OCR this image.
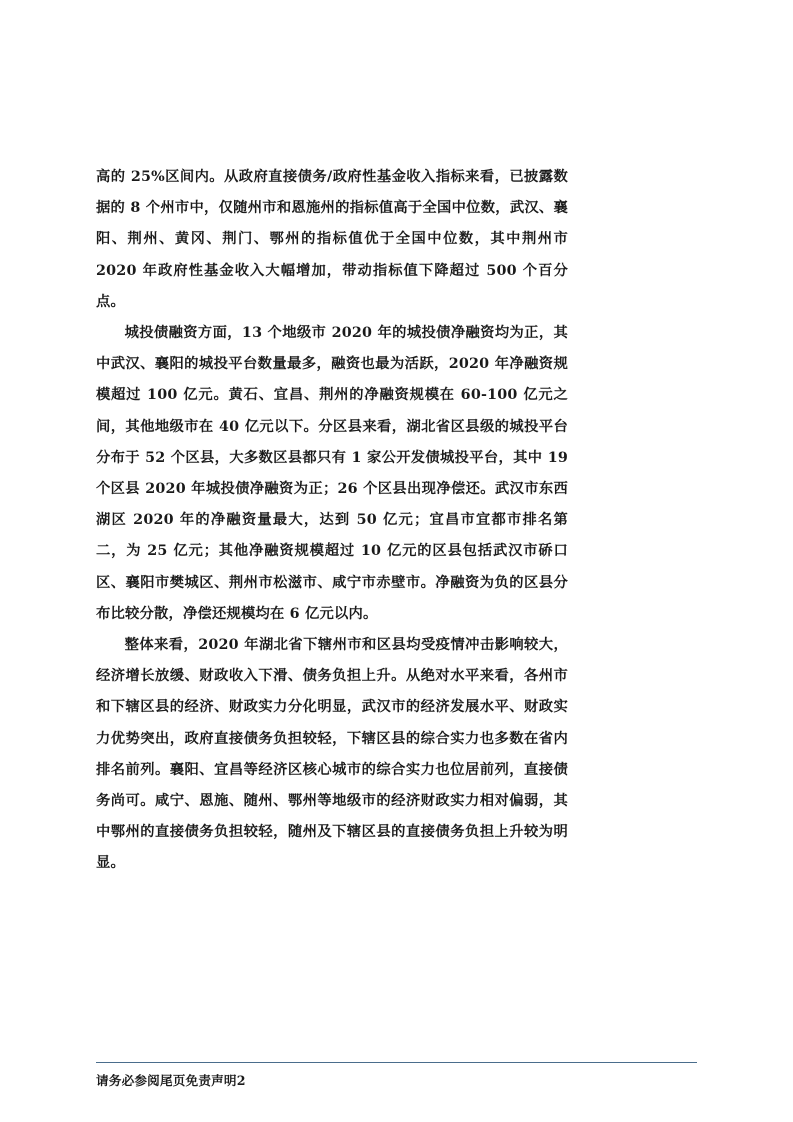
高的 25%区间内。从政府直接债务/政府性基金收入指标来看，已披露数据的 8 个州市中，仅随州市和恩施州的指标值高于全国中位数，武汉、襄阳、荆州、黄冈、荆门、鄂州的指标值优于全国中位数，其中荆州市 2020 年政府性基金收入大幅增加，带动指标值下降超过 500 个百分点。

城投债融资方面，13 个地级市 2020 年的城投债净融资均为正，其中武汉、襄阳的城投平台数量最多，融资也最为活跃，2020 年净融资规模超过 100 亿元。黄石、宜昌、荆州的净融资规模在 60-100 亿元之间，其他地级市在 40 亿元以下。分区县来看，湖北省区县级的城投平台分布于 52 个区县，大多数区县都只有 1 家公开发债城投平台，其中 19 个区县 2020 年城投债净融资为正；26 个区县出现净偿还。武汉市东西湖区 2020 年的净融资量最大，达到 50 亿元；宜昌市宜都市排名第二，为 25 亿元；其他净融资规模超过 10 亿元的区县包括武汉市硚口区、襄阳市樊城区、荆州市松滋市、咸宁市赤壁市。净融资为负的区县分布比较分散，净偿还规模均在 6 亿元以内。

整体来看，2020 年湖北省下辖州市和区县均受疫情冲击影响较大，经济增长放缓、财政收入下滑、债务负担上升。从绝对水平来看，各州市和下辖区县的经济、财政实力分化明显，武汉市的经济发展水平、财政实力优势突出，政府直接债务负担较轻，下辖区县的综合实力也多数在省内排名前列。襄阳、宜昌等经济区核心城市的综合实力也位居前列，直接债务尚可。咸宁、恩施、随州、鄂州等地级市的经济财政实力相对偏弱，其中鄂州的直接债务负担较轻，随州及下辖区县的直接债务负担上升较为明显。

请务必参阅尾页免责声明2
